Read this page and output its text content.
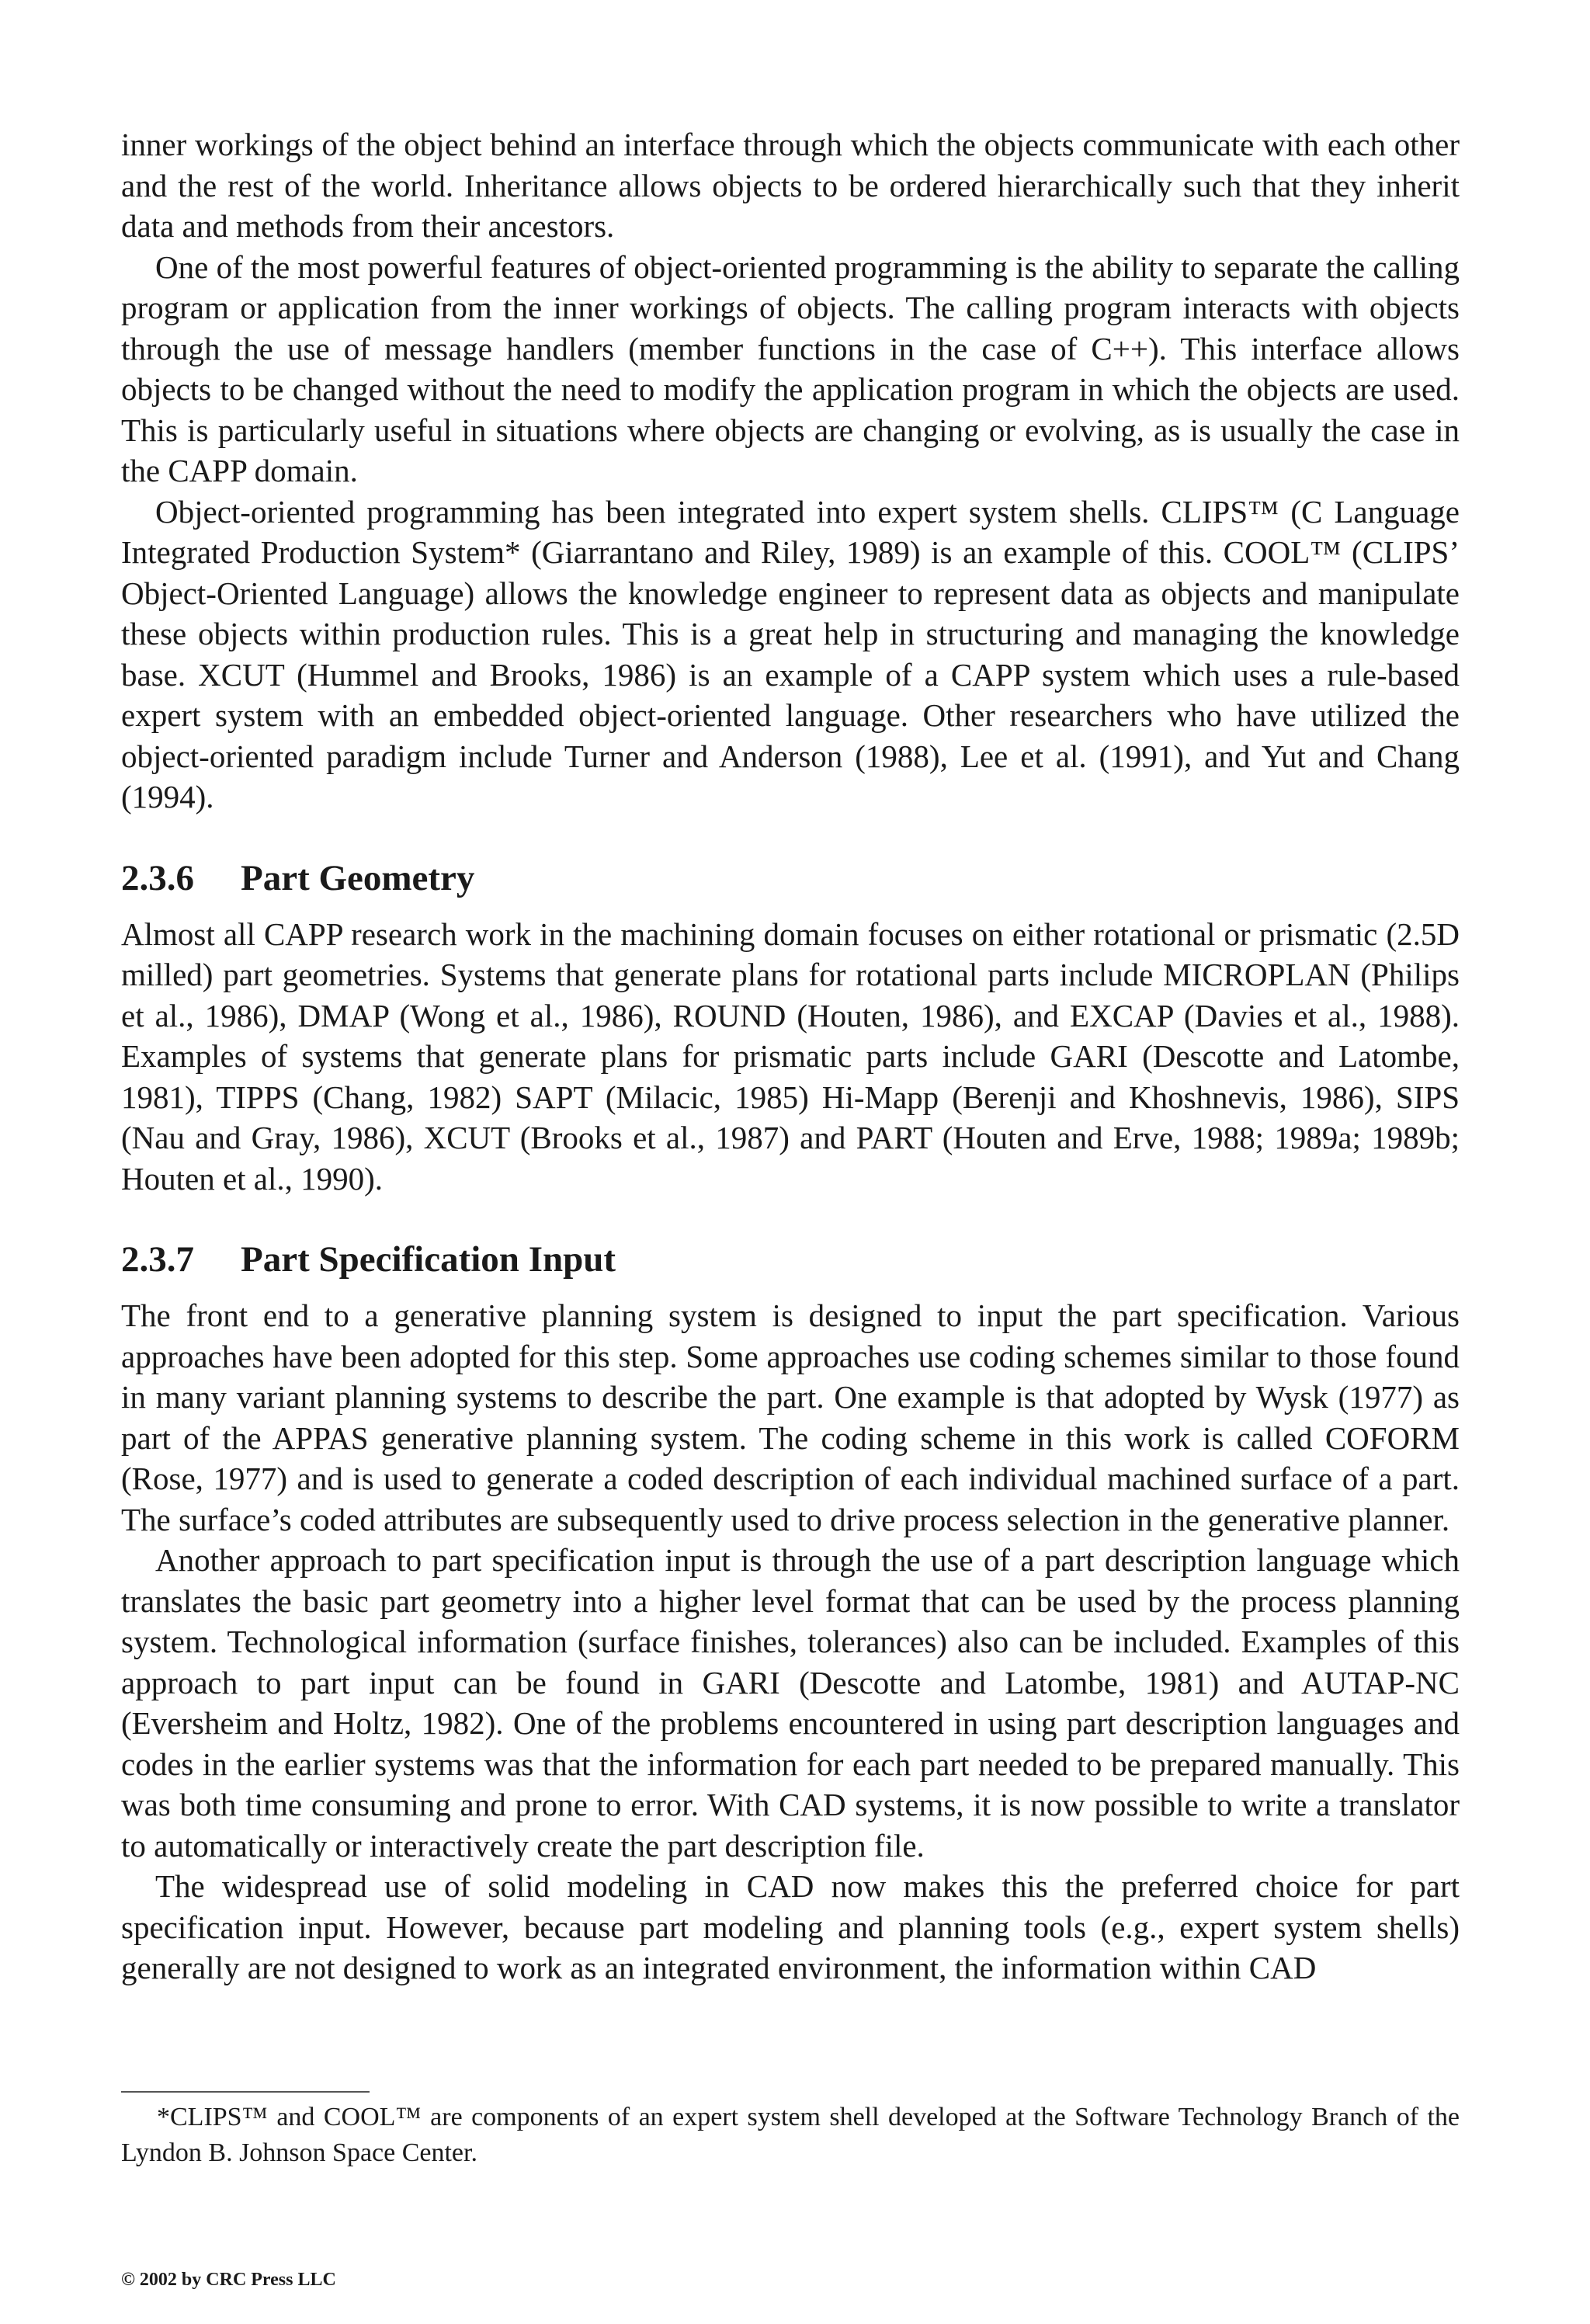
inner workings of the object behind an interface through which the objects communicate with each other and the rest of the world. Inheritance allows objects to be ordered hierarchically such that they inherit data and methods from their ancestors.

One of the most powerful features of object-oriented programming is the ability to separate the calling program or application from the inner workings of objects. The calling program interacts with objects through the use of message handlers (member functions in the case of C++). This interface allows objects to be changed without the need to modify the application program in which the objects are used. This is particularly useful in situations where objects are changing or evolving, as is usually the case in the CAPP domain.

Object-oriented programming has been integrated into expert system shells. CLIPS™ (C Language Integrated Production System* (Giarrantano and Riley, 1989) is an example of this. COOL™ (CLIPS’ Object-Oriented Language) allows the knowledge engineer to represent data as objects and manipulate these objects within production rules. This is a great help in structuring and managing the knowledge base. XCUT (Hummel and Brooks, 1986) is an example of a CAPP system which uses a rule-based expert system with an embedded object-oriented language. Other researchers who have utilized the object-oriented paradigm include Turner and Anderson (1988), Lee et al. (1991), and Yut and Chang (1994).

2.3.6 Part Geometry

Almost all CAPP research work in the machining domain focuses on either rotational or prismatic (2.5D milled) part geometries. Systems that generate plans for rotational parts include MICROPLAN (Philips et al., 1986), DMAP (Wong et al., 1986), ROUND (Houten, 1986), and EXCAP (Davies et al., 1988). Examples of systems that generate plans for prismatic parts include GARI (Descotte and Latombe, 1981), TIPPS (Chang, 1982) SAPT (Milacic, 1985) Hi-Mapp (Berenji and Khoshnevis, 1986), SIPS (Nau and Gray, 1986), XCUT (Brooks et al., 1987) and PART (Houten and Erve, 1988; 1989a; 1989b; Houten et al., 1990).

2.3.7 Part Specification Input

The front end to a generative planning system is designed to input the part specification. Various approaches have been adopted for this step. Some approaches use coding schemes similar to those found in many variant planning systems to describe the part. One example is that adopted by Wysk (1977) as part of the APPAS generative planning system. The coding scheme in this work is called COFORM (Rose, 1977) and is used to generate a coded description of each individual machined surface of a part. The surface’s coded attributes are subsequently used to drive process selection in the generative planner.

Another approach to part specification input is through the use of a part description language which translates the basic part geometry into a higher level format that can be used by the process planning system. Technological information (surface finishes, tolerances) also can be included. Examples of this approach to part input can be found in GARI (Descotte and Latombe, 1981) and AUTAP-NC (Eversheim and Holtz, 1982). One of the problems encountered in using part description languages and codes in the earlier systems was that the information for each part needed to be prepared manually. This was both time consuming and prone to error. With CAD systems, it is now possible to write a translator to automatically or interactively create the part description file.

The widespread use of solid modeling in CAD now makes this the preferred choice for part specification input. However, because part modeling and planning tools (e.g., expert system shells) generally are not designed to work as an integrated environment, the information within CAD

*CLIPS™ and COOL™ are components of an expert system shell developed at the Software Technology Branch of the Lyndon B. Johnson Space Center.

© 2002 by CRC Press LLC
